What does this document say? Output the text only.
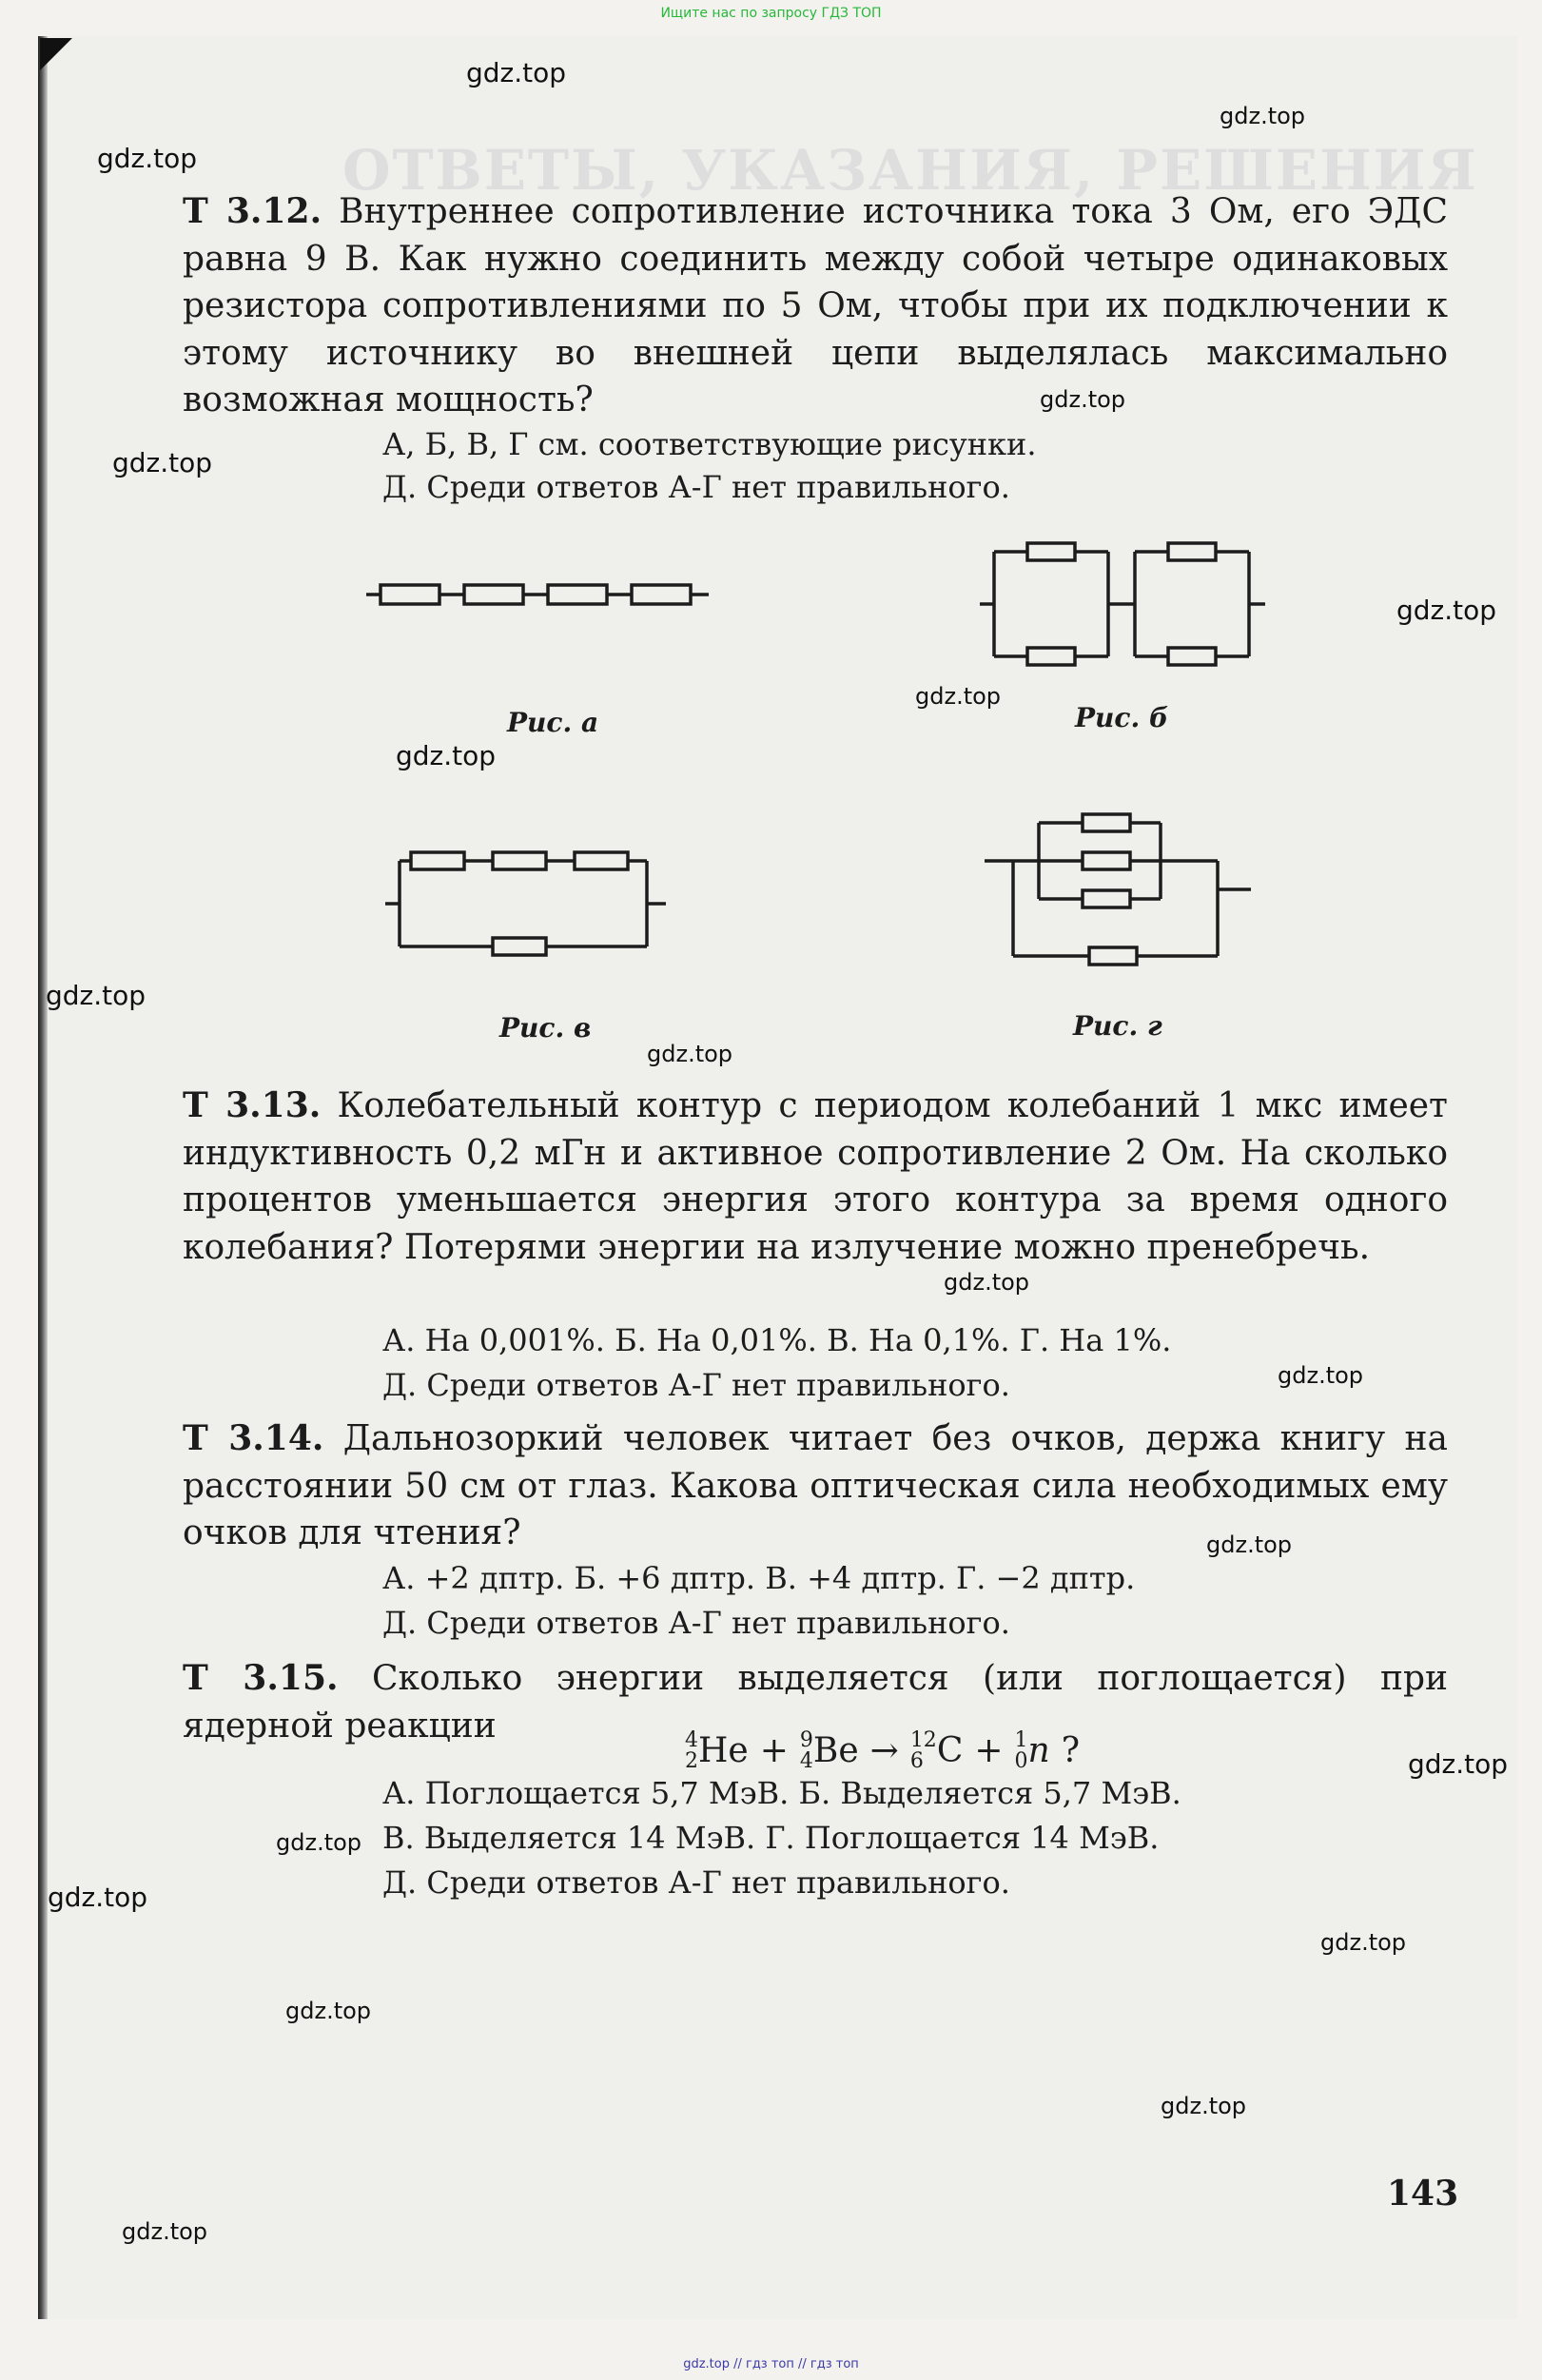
Ищите нас по запросу ГДЗ ТОП
ОТВЕТЫ, УКАЗАНИЯ, РЕШЕНИЯ
Т 3.12. Внутреннее сопротивление источника тока 3 Ом, его ЭДС равна 9 В. Как нужно соединить между собой четыре одинаковых резистора сопротивлениями по 5 Ом, чтобы при их подключении к этому источнику во внешней цепи выделялась максимально возможная мощность?
А, Б, В, Г см. соответствующие рисунки.
Д. Среди ответов А-Г нет правильного.
Рис. а	Рис. б
Рис. в	Рис. г
Т 3.13. Колебательный контур с периодом колебаний 1 мкс имеет индуктивность 0,2 мГн и активное сопротивление 2 Ом. На сколько процентов уменьшается энергия этого контура за время одного колебания? Потерями энергии на излучение можно пренебречь.
А. На 0,001%. Б. На 0,01%. В. На 0,1%. Г. На 1%.
Д. Среди ответов А-Г нет правильного.
Т 3.14. Дальнозоркий человек читает без очков, держа книгу на расстоянии 50 см от глаз. Какова оптическая сила необходимых ему очков для чтения?
А. +2 дптр. Б. +6 дптр. В. +4 дптр. Г. −2 дптр.
Д. Среди ответов А-Г нет правильного.
Т 3.15. Сколько энергии выделяется (или поглощается) при ядерной реакции	4
2 He + 9
4 Be → 12
6 C + 1
0 n ?
А. Поглощается 5,7 МэВ. Б. Выделяется 5,7 МэВ.
В. Выделяется 14 МэВ. Г. Поглощается 14 МэВ.
Д. Среди ответов А-Г нет правильного.
143
gdz.top
gdz.top
gdz.top
gdz.top
gdz.top
gdz.top
gdz.top
gdz.top
gdz.top
gdz.top
gdz.top
gdz.top
gdz.top
gdz.top
gdz.top
gdz.top
gdz.top
gdz.top
gdz.top
gdz.top
gdz.top // гдз топ // гдз топ
